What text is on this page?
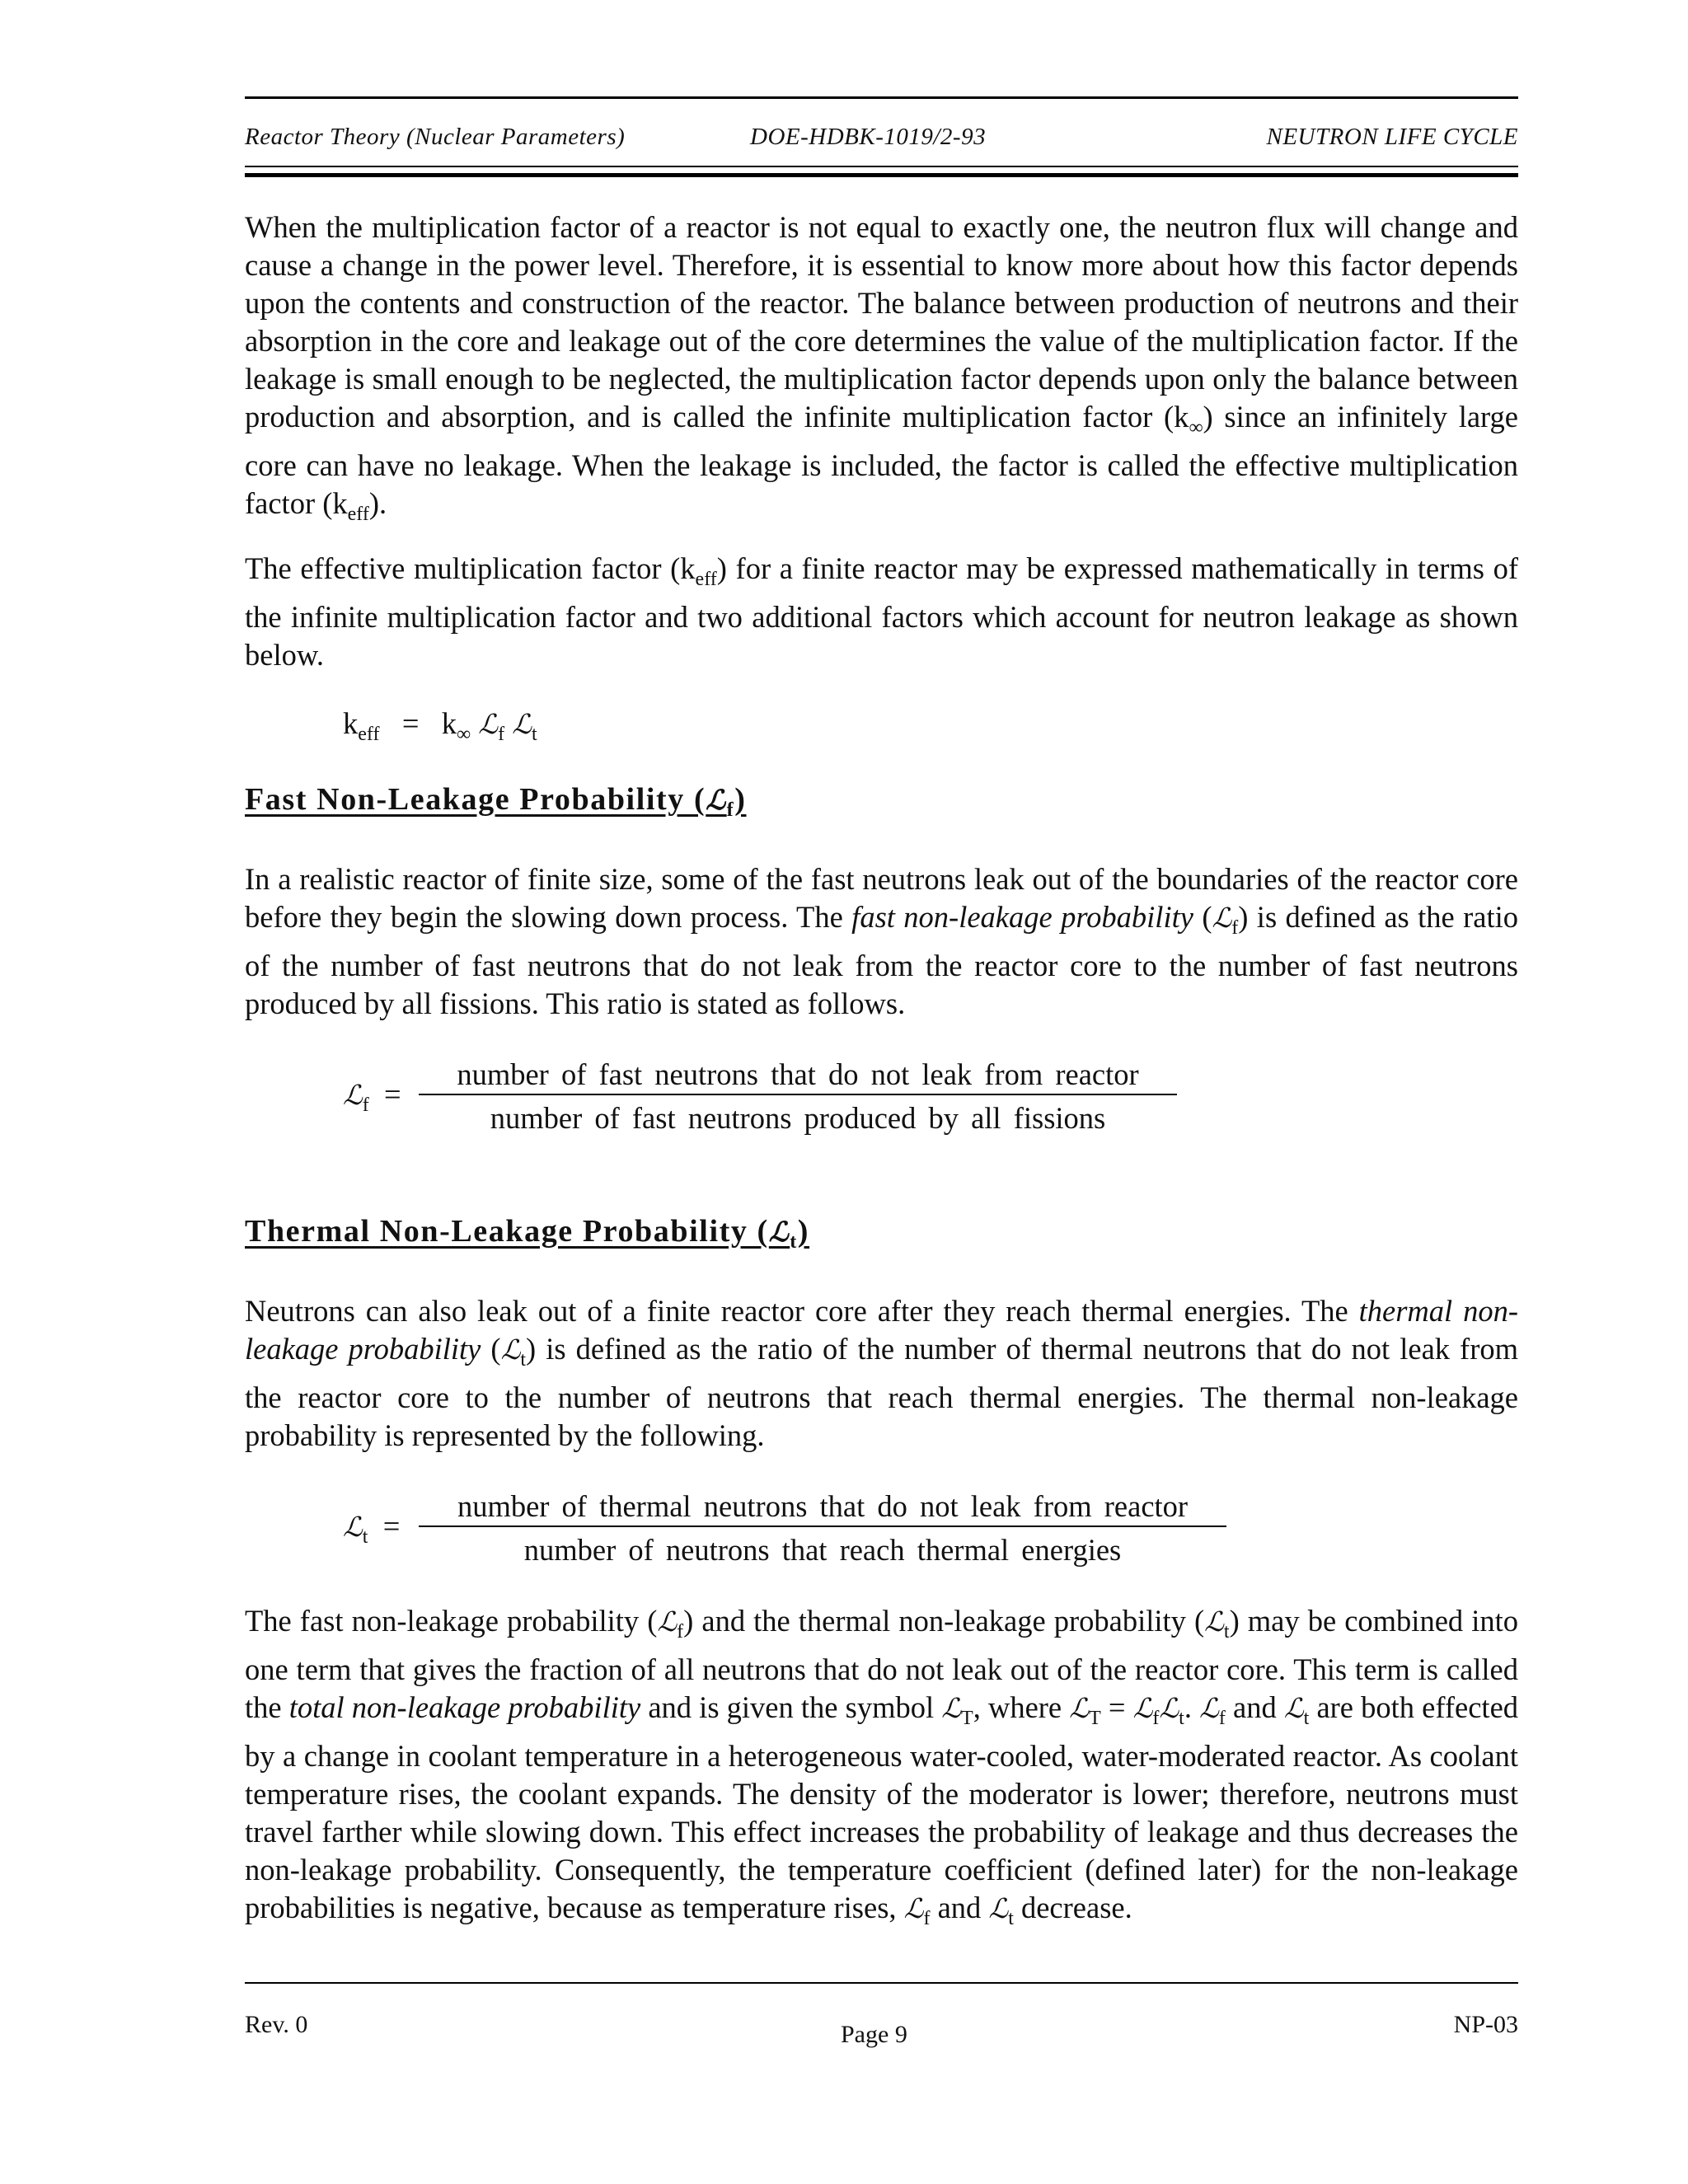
Reactor Theory (Nuclear Parameters)	DOE-HDBK-1019/2-93	NEUTRON LIFE CYCLE

When the multiplication factor of a reactor is not equal to exactly one, the neutron flux will change and cause a change in the power level. Therefore, it is essential to know more about how this factor depends upon the contents and construction of the reactor. The balance between production of neutrons and their absorption in the core and leakage out of the core determines the value of the multiplication factor. If the leakage is small enough to be neglected, the multiplication factor depends upon only the balance between production and absorption, and is called the infinite multiplication factor $(k_\infty)$ since an infinitely large core can have no leakage. When the leakage is included, the factor is called the effective multiplication factor $(k_{eff})$.

The effective multiplication factor $(k_{eff})$ for a finite reactor may be expressed mathematically in terms of the infinite multiplication factor and two additional factors which account for neutron leakage as shown below.

$k_{eff} = k_\infty$ ℒ$_f$ ℒ$_t$
Fast Non-Leakage Probability (ℒ$_f$)

In a realistic reactor of finite size, some of the fast neutrons leak out of the boundaries of the reactor core before they begin the slowing down process. The fast non-leakage probability (ℒ$_f$) is defined as the ratio of the number of fast neutrons that do not leak from the reactor core to the number of fast neutrons produced by all fissions. This ratio is stated as follows.

ℒ$_f$ =
number of fast neutrons that do not leak from reactor
number of fast neutrons produced by all fissions
Thermal Non-Leakage Probability (ℒ$_t$)

Neutrons can also leak out of a finite reactor core after they reach thermal energies. The thermal non-leakage probability (ℒ$_t$) is defined as the ratio of the number of thermal neutrons that do not leak from the reactor core to the number of neutrons that reach thermal energies. The thermal non-leakage probability is represented by the following.

ℒ$_t$ =
number of thermal neutrons that do not leak from reactor
number of neutrons that reach thermal energies

The fast non-leakage probability (ℒ$_f$) and the thermal non-leakage probability (ℒ$_t$) may be combined into one term that gives the fraction of all neutrons that do not leak out of the reactor core. This term is called the total non-leakage probability and is given the symbol ℒ$_T$, where ℒ$_T$ = ℒ$_f$ℒ$_t$. ℒ$_f$ and ℒ$_t$ are both effected by a change in coolant temperature in a heterogeneous water-cooled, water-moderated reactor. As coolant temperature rises, the coolant expands. The density of the moderator is lower; therefore, neutrons must travel farther while slowing down. This effect increases the probability of leakage and thus decreases the non-leakage probability. Consequently, the temperature coefficient (defined later) for the non-leakage probabilities is negative, because as temperature rises, ℒ$_f$ and ℒ$_t$ decrease.

Rev. 0	Page 9	NP-03
